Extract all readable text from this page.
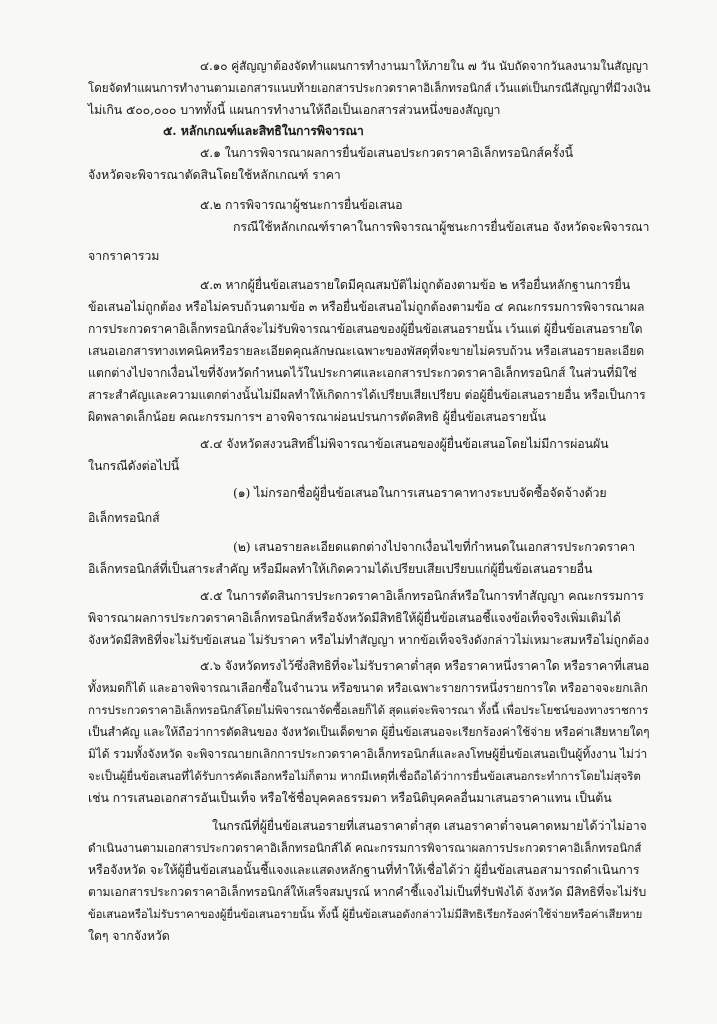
๔.๑๐ คู่สัญญาต้องจัดทำแผนการทำงานมาให้ภายใน ๗ วัน นับถัดจากวันลงนามในสัญญา
โดยจัดทำแผนการทำงานตามเอกสารแนบท้ายเอกสารประกวดราคาอิเล็กทรอนิกส์ เว้นแต่เป็นกรณีสัญญาที่มีวงเงิน
ไม่เกิน ๕๐๐,๐๐๐ บาททั้งนี้ แผนการทำงานให้ถือเป็นเอกสารส่วนหนึ่งของสัญญา
๕. หลักเกณฑ์และสิทธิในการพิจารณา
๕.๑ ในการพิจารณาผลการยื่นข้อเสนอประกวดราคาอิเล็กทรอนิกส์ครั้งนี้
จังหวัดจะพิจารณาตัดสินโดยใช้หลักเกณฑ์ ราคา
๕.๒ การพิจารณาผู้ชนะการยื่นข้อเสนอ
กรณีใช้หลักเกณฑ์ราคาในการพิจารณาผู้ชนะการยื่นข้อเสนอ จังหวัดจะพิจารณา
จากราคารวม
๕.๓ หากผู้ยื่นข้อเสนอรายใดมีคุณสมบัติไม่ถูกต้องตามข้อ ๒ หรือยื่นหลักฐานการยื่น
ข้อเสนอไม่ถูกต้อง หรือไม่ครบถ้วนตามข้อ ๓ หรือยื่นข้อเสนอไม่ถูกต้องตามข้อ ๔ คณะกรรมการพิจารณาผล
การประกวดราคาอิเล็กทรอนิกส์จะไม่รับพิจารณาข้อเสนอของผู้ยื่นข้อเสนอรายนั้น เว้นแต่ ผู้ยื่นข้อเสนอรายใด
เสนอเอกสารทางเทคนิคหรือรายละเอียดคุณลักษณะเฉพาะของพัสดุที่จะขายไม่ครบถ้วน หรือเสนอรายละเอียด
แตกต่างไปจากเงื่อนไขที่จังหวัดกำหนดไว้ในประกาศและเอกสารประกวดราคาอิเล็กทรอนิกส์ ในส่วนที่มิใช่
สาระสำคัญและความแตกต่างนั้นไม่มีผลทำให้เกิดการได้เปรียบเสียเปรียบ ต่อผู้ยื่นข้อเสนอรายอื่น หรือเป็นการ
ผิดพลาดเล็กน้อย คณะกรรมการฯ อาจพิจารณาผ่อนปรนการตัดสิทธิ ผู้ยื่นข้อเสนอรายนั้น
๕.๔ จังหวัดสงวนสิทธิ์ไม่พิจารณาข้อเสนอของผู้ยื่นข้อเสนอโดยไม่มีการผ่อนผัน
ในกรณีดังต่อไปนี้
(๑) ไม่กรอกชื่อผู้ยื่นข้อเสนอในการเสนอราคาทางระบบจัดซื้อจัดจ้างด้วย
อิเล็กทรอนิกส์
(๒) เสนอรายละเอียดแตกต่างไปจากเงื่อนไขที่กำหนดในเอกสารประกวดราคา
อิเล็กทรอนิกส์ที่เป็นสาระสำคัญ หรือมีผลทำให้เกิดความได้เปรียบเสียเปรียบแก่ผู้ยื่นข้อเสนอรายอื่น
๕.๕ ในการตัดสินการประกวดราคาอิเล็กทรอนิกส์หรือในการทำสัญญา คณะกรรมการ
พิจารณาผลการประกวดราคาอิเล็กทรอนิกส์หรือจังหวัดมีสิทธิให้ผู้ยื่นข้อเสนอชี้แจงข้อเท็จจริงเพิ่มเติมได้
จังหวัดมีสิทธิที่จะไม่รับข้อเสนอ ไม่รับราคา หรือไม่ทำสัญญา หากข้อเท็จจริงดังกล่าวไม่เหมาะสมหรือไม่ถูกต้อง
๕.๖ จังหวัดทรงไว้ซึ่งสิทธิที่จะไม่รับราคาต่ำสุด หรือราคาหนึ่งราคาใด หรือราคาที่เสนอ
ทั้งหมดก็ได้ และอาจพิจารณาเลือกซื้อในจำนวน หรือขนาด หรือเฉพาะรายการหนึ่งรายการใด หรืออาจจะยกเลิก
การประกวดราคาอิเล็กทรอนิกส์โดยไม่พิจารณาจัดซื้อเลยก็ได้ สุดแต่จะพิจารณา ทั้งนี้ เพื่อประโยชน์ของทางราชการ
เป็นสำคัญ และให้ถือว่าการตัดสินของ จังหวัดเป็นเด็ดขาด ผู้ยื่นข้อเสนอจะเรียกร้องค่าใช้จ่าย หรือค่าเสียหายใดๆ
มิได้ รวมทั้งจังหวัด จะพิจารณายกเลิกการประกวดราคาอิเล็กทรอนิกส์และลงโทษผู้ยื่นข้อเสนอเป็นผู้ทิ้งงาน ไม่ว่า
จะเป็นผู้ยื่นข้อเสนอที่ได้รับการคัดเลือกหรือไม่ก็ตาม หากมีเหตุที่เชื่อถือได้ว่าการยื่นข้อเสนอกระทำการโดยไม่สุจริต
เช่น การเสนอเอกสารอันเป็นเท็จ หรือใช้ชื่อบุคคลธรรมดา หรือนิติบุคคลอื่นมาเสนอราคาแทน เป็นต้น
ในกรณีที่ผู้ยื่นข้อเสนอรายที่เสนอราคาต่ำสุด เสนอราคาต่ำจนคาดหมายได้ว่าไม่อาจ
ดำเนินงานตามเอกสารประกวดราคาอิเล็กทรอนิกส์ได้ คณะกรรมการพิจารณาผลการประกวดราคาอิเล็กทรอนิกส์
หรือจังหวัด จะให้ผู้ยื่นข้อเสนอนั้นชี้แจงและแสดงหลักฐานที่ทำให้เชื่อได้ว่า ผู้ยื่นข้อเสนอสามารถดำเนินการ
ตามเอกสารประกวดราคาอิเล็กทรอนิกส์ให้เสร็จสมบูรณ์ หากคำชี้แจงไม่เป็นที่รับฟังได้ จังหวัด มีสิทธิที่จะไม่รับ
ข้อเสนอหรือไม่รับราคาของผู้ยื่นข้อเสนอรายนั้น ทั้งนี้ ผู้ยื่นข้อเสนอดังกล่าวไม่มีสิทธิเรียกร้องค่าใช้จ่ายหรือค่าเสียหาย
ใดๆ จากจังหวัด
